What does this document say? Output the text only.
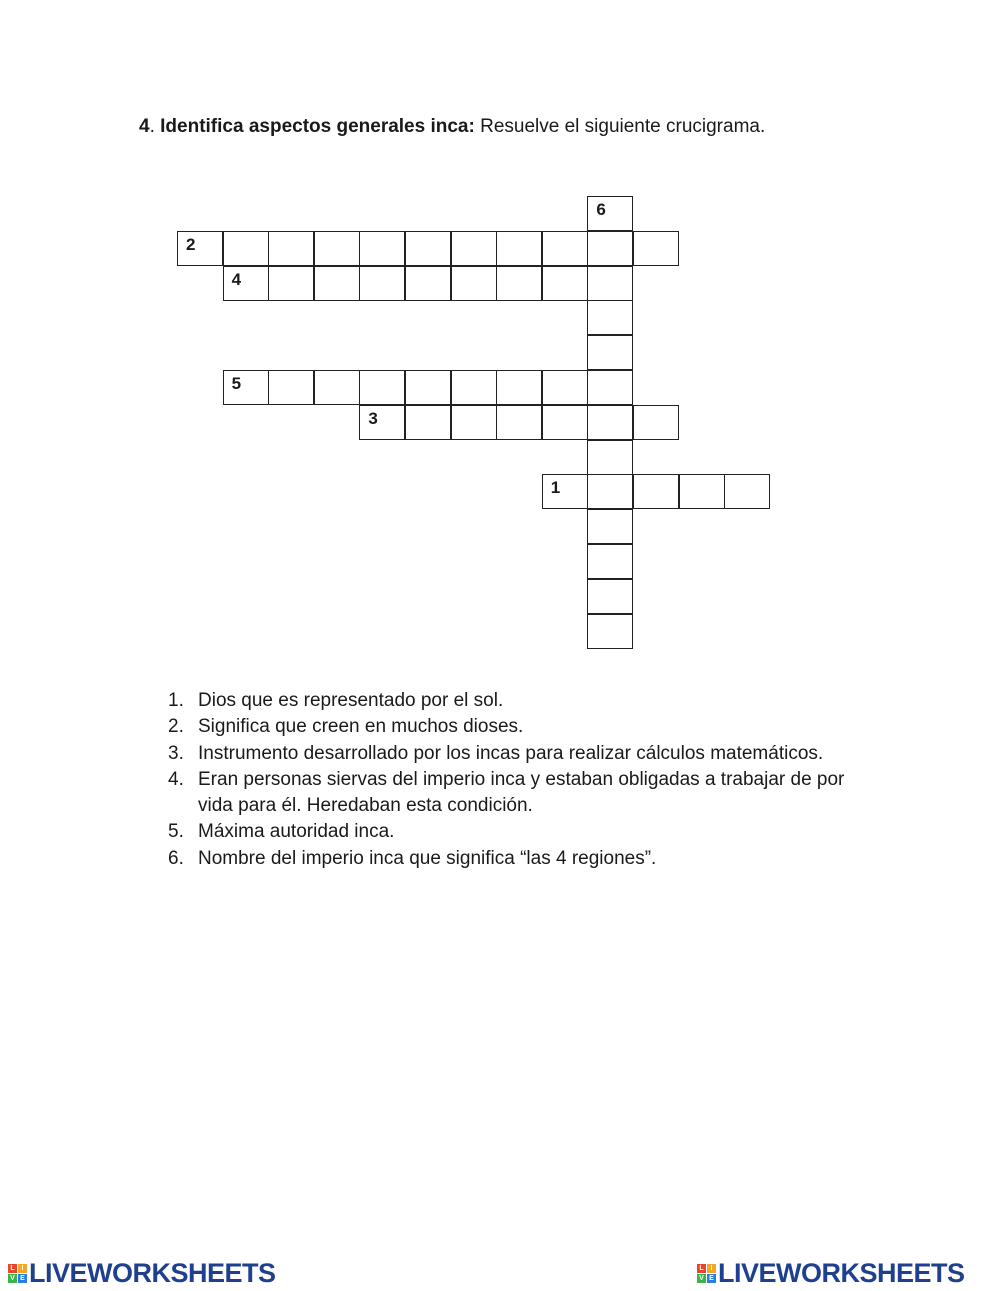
4. Identifica aspectos generales inca: Resuelve el siguiente crucigrama.
6
2
4
5
3
1
1. Dios que es representado por el sol.
2. Significa que creen en muchos dioses.
3. Instrumento desarrollado por los incas para realizar cálculos matemáticos.
4. Eran personas siervas del imperio inca y estaban obligadas a trabajar de por vida para él. Heredaban esta condición.
5. Máxima autoridad inca.
6. Nombre del imperio inca que significa “las 4 regiones”.
L I
V E LIVEWORKSHEETS	L I
V E LIVEWORKSHEETS
